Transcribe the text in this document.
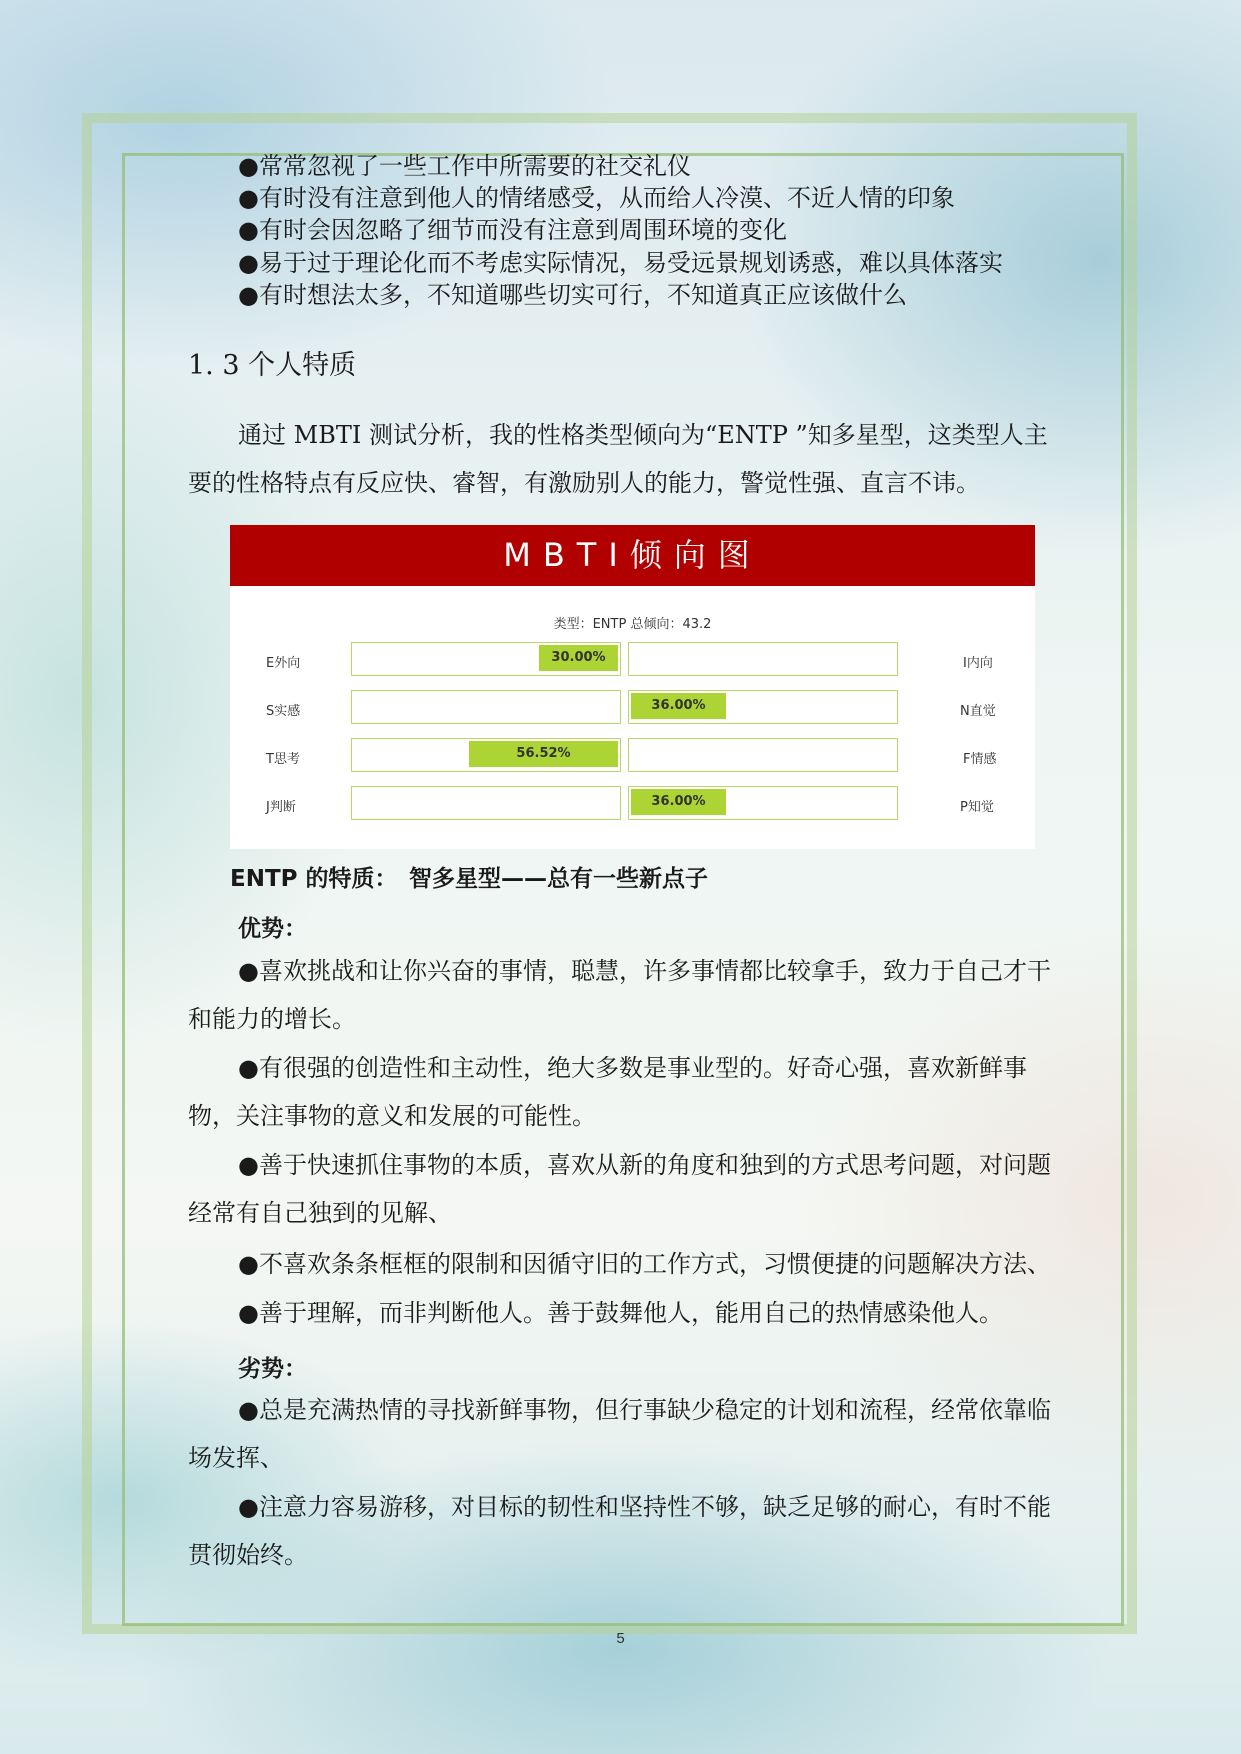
●常常忽视了一些工作中所需要的社交礼仪
●有时没有注意到他人的情绪感受，从而给人冷漠、不近人情的印象
●有时会因忽略了细节而没有注意到周围环境的变化
●易于过于理论化而不考虑实际情况，易受远景规划诱惑，难以具体落实
●有时想法太多，不知道哪些切实可行，不知道真正应该做什么
1. 3 个人特质
通过 MBTI 测试分析，我的性格类型倾向为“ENTP ”知多星型，这类型人主要的性格特点有反应快、睿智，有激励别人的能力，警觉性强、直言不讳。
MBTI倾向图
类型：ENTP 总倾向：43.2
E外向	30.00%	I内向
S实感	36.00%	N直觉
T思考	56.52%	F情感
J判断	36.00%	P知觉
ENTP 的特质：　智多星型——总有一些新点子
优势：
●喜欢挑战和让你兴奋的事情，聪慧，许多事情都比较拿手，致力于自己才干和能力的增长。
●有很强的创造性和主动性，绝大多数是事业型的。好奇心强，喜欢新鲜事物，关注事物的意义和发展的可能性。
●善于快速抓住事物的本质，喜欢从新的角度和独到的方式思考问题，对问题经常有自己独到的见解、
●不喜欢条条框框的限制和因循守旧的工作方式，习惯便捷的问题解决方法、
●善于理解，而非判断他人。善于鼓舞他人，能用自己的热情感染他人。
劣势：
●总是充满热情的寻找新鲜事物，但行事缺少稳定的计划和流程，经常依靠临场发挥、
●注意力容易游移，对目标的韧性和坚持性不够，缺乏足够的耐心，有时不能贯彻始终。
5
